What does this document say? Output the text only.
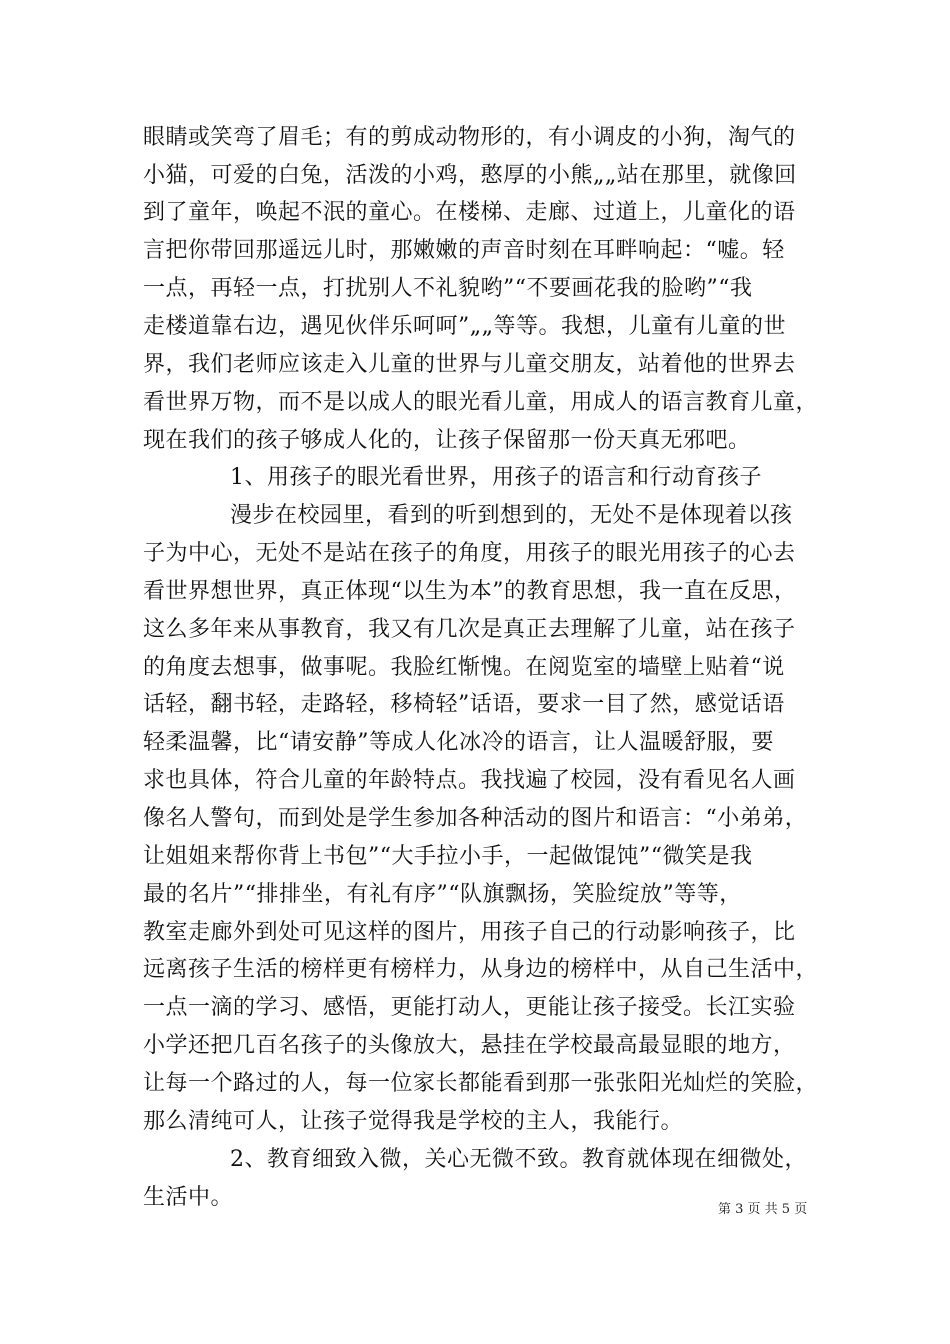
眼睛或笑弯了眉毛；有的剪成动物形的，有小调皮的小狗，淘气的
小猫，可爱的白兔，活泼的小鸡，憨厚的小熊„„站在那里，就像回
到了童年，唤起不泯的童心。在楼梯、走廊、过道上，儿童化的语
言把你带回那遥远儿时，那嫩嫩的声音时刻在耳畔响起：“嘘。轻
一点，再轻一点，打扰别人不礼貌哟”“不要画花我的脸哟”“我
走楼道靠右边，遇见伙伴乐呵呵”„„等等。我想，儿童有儿童的世
界，我们老师应该走入儿童的世界与儿童交朋友，站着他的世界去
看世界万物，而不是以成人的眼光看儿童，用成人的语言教育儿童，
现在我们的孩子够成人化的，让孩子保留那一份天真无邪吧。
1、用孩子的眼光看世界，用孩子的语言和行动育孩子
漫步在校园里，看到的听到想到的，无处不是体现着以孩
子为中心，无处不是站在孩子的角度，用孩子的眼光用孩子的心去
看世界想世界，真正体现“以生为本”的教育思想，我一直在反思，
这么多年来从事教育，我又有几次是真正去理解了儿童，站在孩子
的角度去想事，做事呢。我脸红惭愧。在阅览室的墙壁上贴着“说
话轻，翻书轻，走路轻，移椅轻”话语，要求一目了然，感觉话语
轻柔温馨，比“请安静”等成人化冰冷的语言，让人温暖舒服，要
求也具体，符合儿童的年龄特点。我找遍了校园，没有看见名人画
像名人警句，而到处是学生参加各种活动的图片和语言：“小弟弟，
让姐姐来帮你背上书包”“大手拉小手，一起做馄饨”“微笑是我
最的名片”“排排坐，有礼有序”“队旗飘扬，笑脸绽放”等等，
教室走廊外到处可见这样的图片，用孩子自己的行动影响孩子，比
远离孩子生活的榜样更有榜样力，从身边的榜样中，从自己生活中，
一点一滴的学习、感悟，更能打动人，更能让孩子接受。长江实验
小学还把几百名孩子的头像放大，悬挂在学校最高最显眼的地方，
让每一个路过的人，每一位家长都能看到那一张张阳光灿烂的笑脸，
那么清纯可人，让孩子觉得我是学校的主人，我能行。
2、教育细致入微，关心无微不致。教育就体现在细微处，
生活中。	第 3 页 共 5 页
